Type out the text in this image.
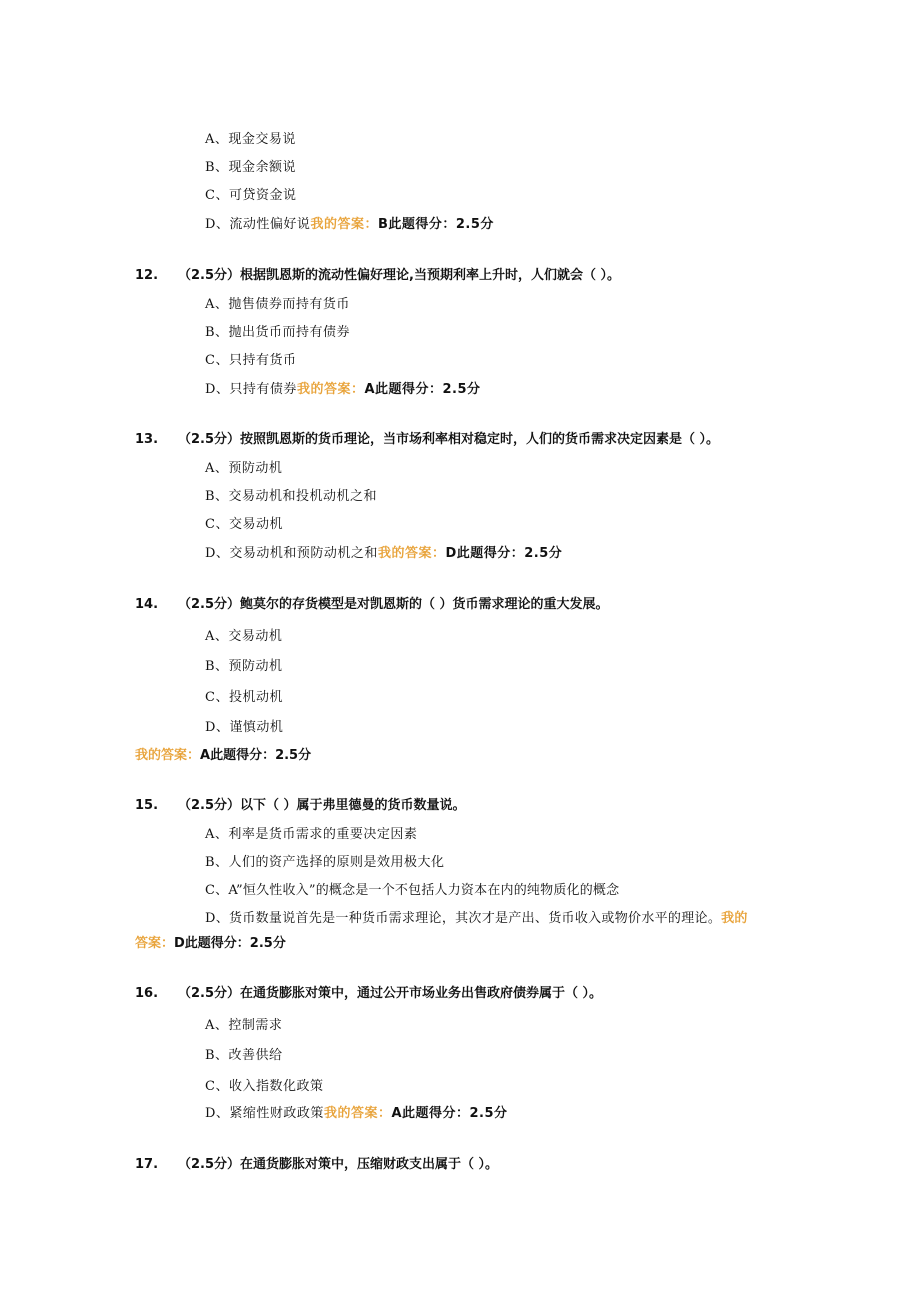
A、现金交易说
B、现金余额说
C、可贷资金说
D、流动性偏好说我的答案：B此题得分：2.5分
12. （2.5分）根据凯恩斯的流动性偏好理论,当预期利率上升时，人们就会（ ）。
A、抛售债券而持有货币
B、抛出货币而持有债券
C、只持有货币
D、只持有债券我的答案：A此题得分：2.5分
13. （2.5分）按照凯恩斯的货币理论，当市场利率相对稳定时，人们的货币需求决定因素是（ ）。
A、预防动机
B、交易动机和投机动机之和
C、交易动机
D、交易动机和预防动机之和我的答案：D此题得分：2.5分
14. （2.5分）鲍莫尔的存货模型是对凯恩斯的（ ）货币需求理论的重大发展。
A、交易动机
B、预防动机
C、投机动机
D、谨慎动机
我的答案：A此题得分：2.5分
15. （2.5分）以下（ ）属于弗里德曼的货币数量说。
A、利率是货币需求的重要决定因素
B、人们的资产选择的原则是效用极大化
C、A”恒久性收入”的概念是一个不包括人力资本在内的纯物质化的概念
D、货币数量说首先是一种货币需求理论，其次才是产出、货币收入或物价水平的理论。我的
答案：D此题得分：2.5分
16. （2.5分）在通货膨胀对策中，通过公开市场业务出售政府债券属于（ ）。
A、控制需求
B、改善供给
C、收入指数化政策
D、紧缩性财政政策我的答案：A此题得分：2.5分
17. （2.5分）在通货膨胀对策中，压缩财政支出属于（ ）。
